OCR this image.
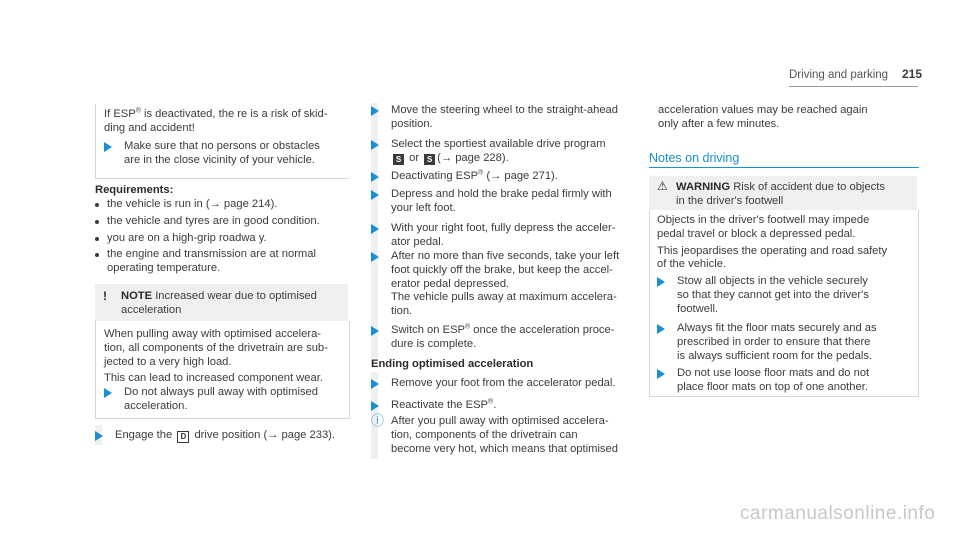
Driving and parking 215
If ESP® is deactivated, the re is a risk of skid-
ding and accident!
Make sure that no persons or obstacles
are in the close vicinity of your vehicle.
Requirements:
the vehicle is run in (→ page 214).
the vehicle and tyres are in good condition.
you are on a high-grip roadwa y.
the engine and transmission are at normal
operating temperature.
!	NOTE Increased wear due to optimised
acceleration
When pulling away with optimised accelera-
tion, all components of the drivetrain are sub-
jected to a very high load.
This can lead to increased component wear.
Do not always pull away with optimised
acceleration.
Engage the D drive position (→ page 233).
Move the steering wheel to the straight-ahead
position.
Select the sportiest available drive program
S or S (→ page 228).
Deactivating ESP® (→ page 271).
Depress and hold the brake pedal firmly with
your left foot.
With your right foot, fully depress the acceler-
ator pedal.
After no more than five seconds, take your left
foot quickly off the brake, but keep the accel-
erator pedal depressed.
The vehicle pulls away at maximum accelera-
tion.
Switch on ESP® once the acceleration proce-
dure is complete.
Ending optimised acceleration
Remove your foot from the accelerator pedal.
Reactivate the ESP®.
ⓘ After you pull away with optimised accelera-
tion, components of the drivetrain can
become very hot, which means that optimised
acceleration values may be reached again
only after a few minutes.
Notes on driving
⚠ WARNING Risk of accident due to objects
in the driver's footwell
Objects in the driver's footwell may impede
pedal travel or block a depressed pedal.
This jeopardises the operating and road safety
of the vehicle.
Stow all objects in the vehicle securely
so that they cannot get into the driver's
footwell.
Always fit the floor mats securely and as
prescribed in order to ensure that there
is always sufficient room for the pedals.
Do not use loose floor mats and do not
place floor mats on top of one another.
carmanualsonline.info
